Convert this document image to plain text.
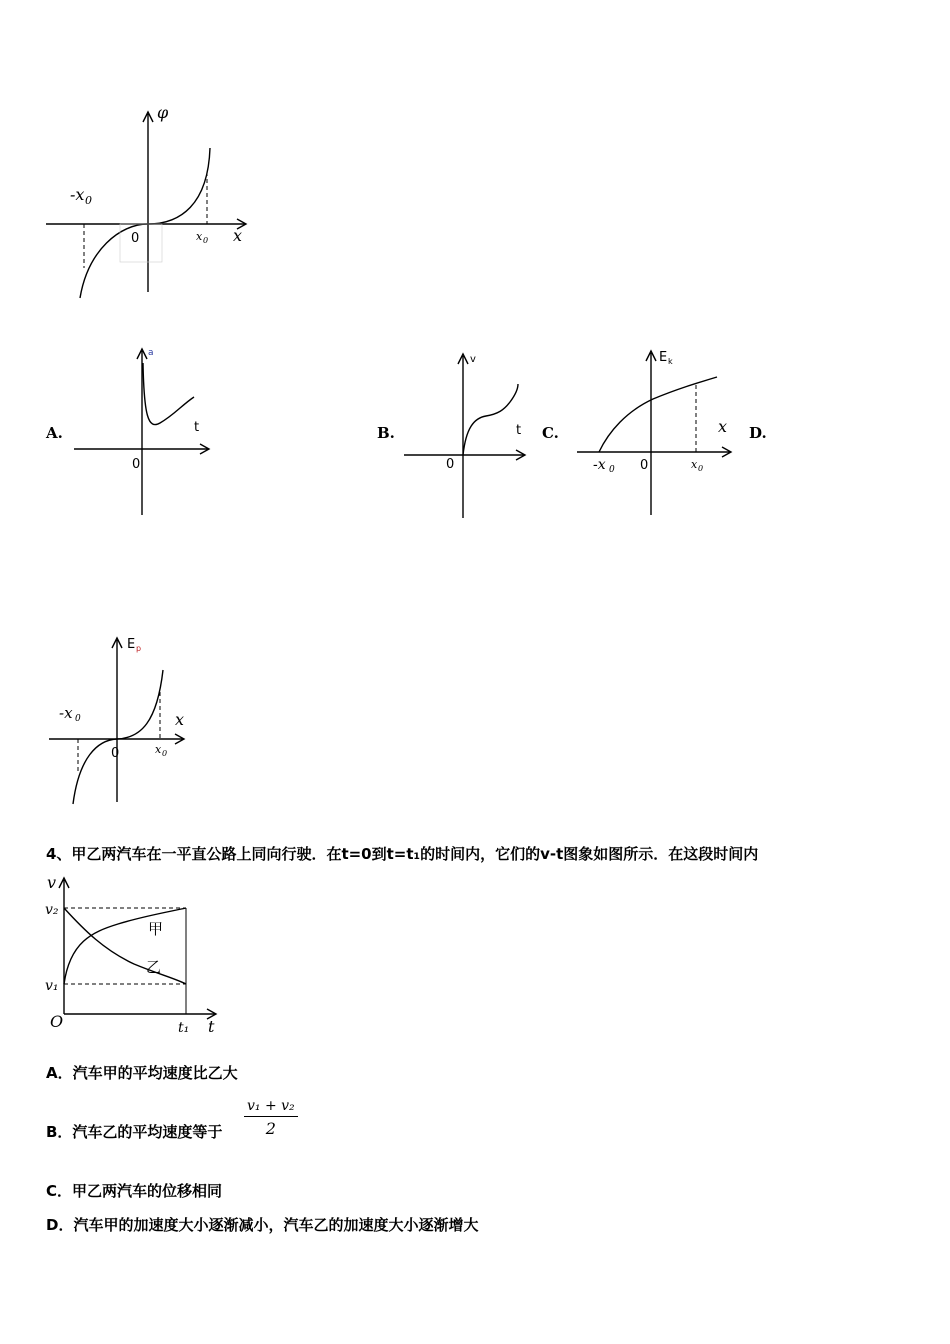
φ
x
-x 0
0	x 0
A.	B.	C.	D.
a
t
0
v
t
0
E k
x
-x 0 0	x 0
E p
x
-x 0
0	x 0
4、甲乙两汽车在一平直公路上同向行驶．在t=0到t=t₁的时间内，它们的v-t图象如图所示．在这段时间内
v
t
v₂
v₁
O	t₁
甲
乙
A．汽车甲的平均速度比乙大
B．汽车乙的平均速度等于 $\frac{\text{v₁ + v₂}}{2}$
C．甲乙两汽车的位移相同
D．汽车甲的加速度大小逐渐减小，汽车乙的加速度大小逐渐增大
